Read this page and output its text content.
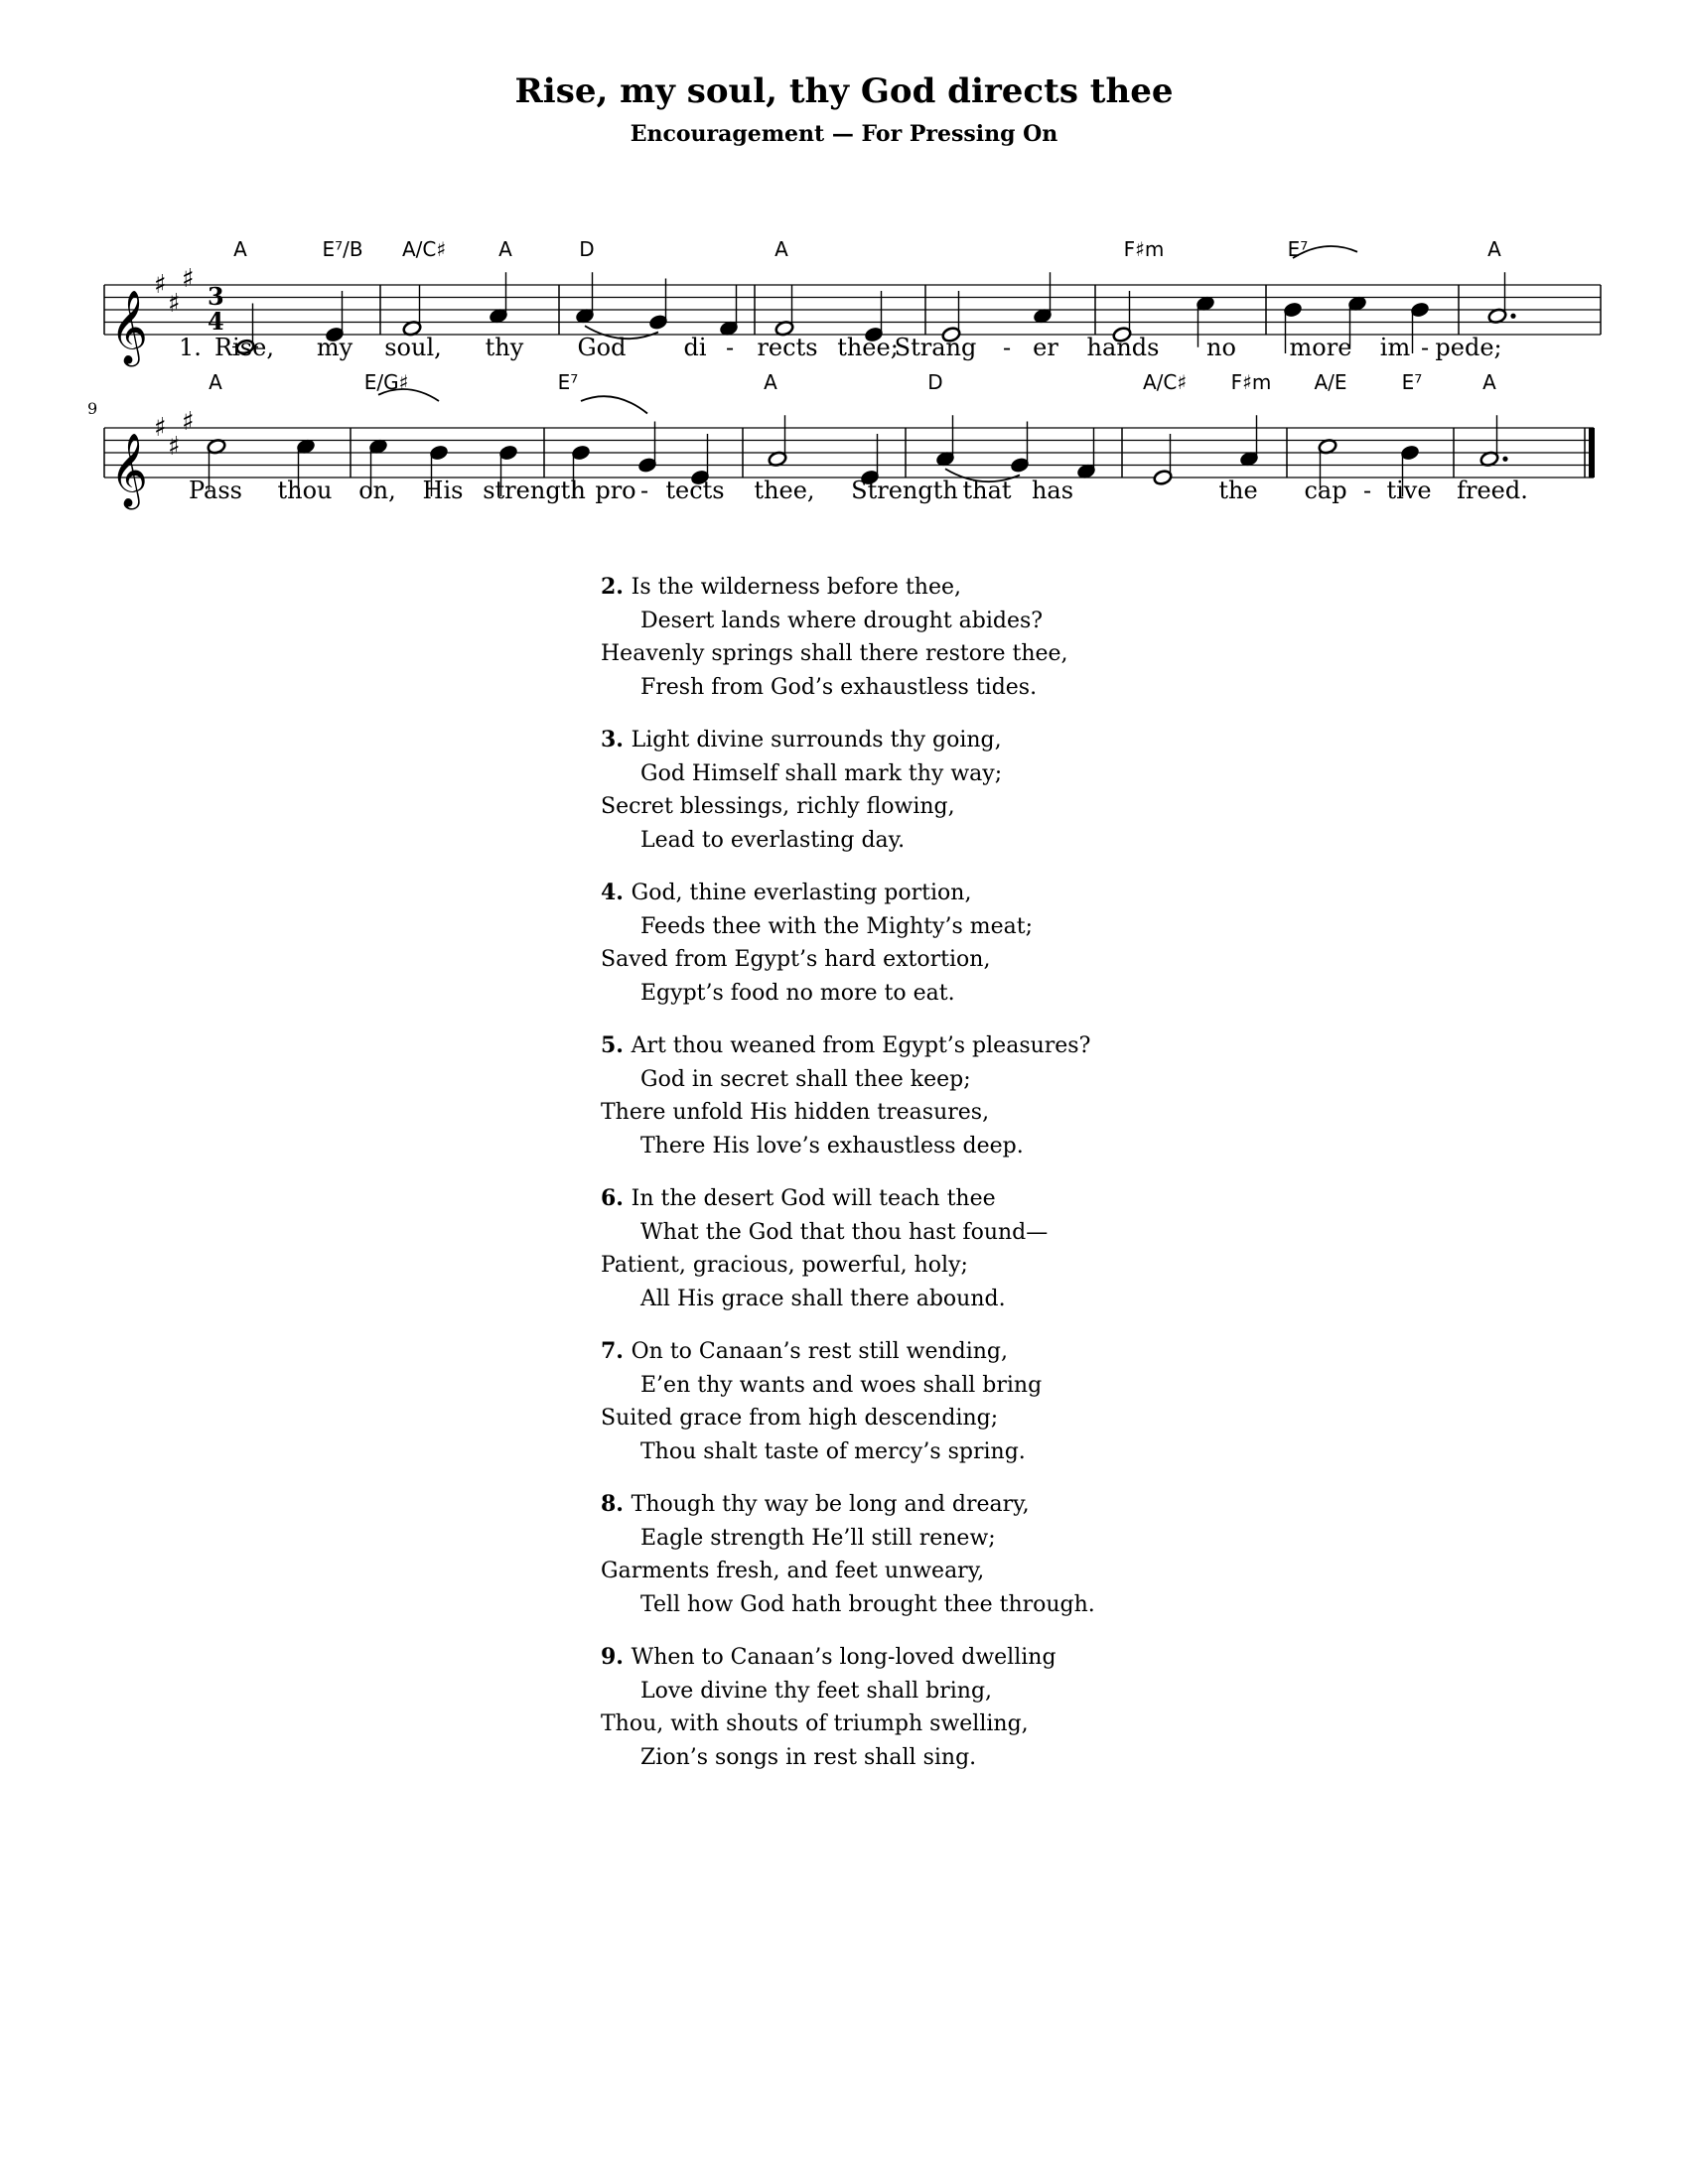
Rise, my soul, thy God directs thee
Encouragement — For Pressing On
3
4
𝄞
♯
♯
♯
𝄞
♯
♯
♯
9
A	E⁷/B A/C♯	A	D	A	F♯m	E⁷	A
A	E/G♯	E⁷	A	D	A/C♯ F♯m A/E	E⁷	A
1. Rise, my soul, thy God di - rects thee;
Strang - er hands no more im - pede;
Pass thou on, His strength pro - tects thee, Strength that has	the cap - tive freed.
2. Is the wilderness before thee,
Desert lands where drought abides?
Heavenly springs shall there restore thee,
Fresh from God’s exhaustless tides.
3. Light divine surrounds thy going,
God Himself shall mark thy way;
Secret blessings, richly flowing,
Lead to everlasting day.
4. God, thine everlasting portion,
Feeds thee with the Mighty’s meat;
Saved from Egypt’s hard extortion,
Egypt’s food no more to eat.
5. Art thou weaned from Egypt’s pleasures?
God in secret shall thee keep;
There unfold His hidden treasures,
There His love’s exhaustless deep.
6. In the desert God will teach thee
What the God that thou hast found—
Patient, gracious, powerful, holy;
All His grace shall there abound.
7. On to Canaan’s rest still wending,
E’en thy wants and woes shall bring
Suited grace from high descending;
Thou shalt taste of mercy’s spring.
8. Though thy way be long and dreary,
Eagle strength He’ll still renew;
Garments fresh, and feet unweary,
Tell how God hath brought thee through.
9. When to Canaan’s long-loved dwelling
Love divine thy feet shall bring,
Thou, with shouts of triumph swelling,
Zion’s songs in rest shall sing.
